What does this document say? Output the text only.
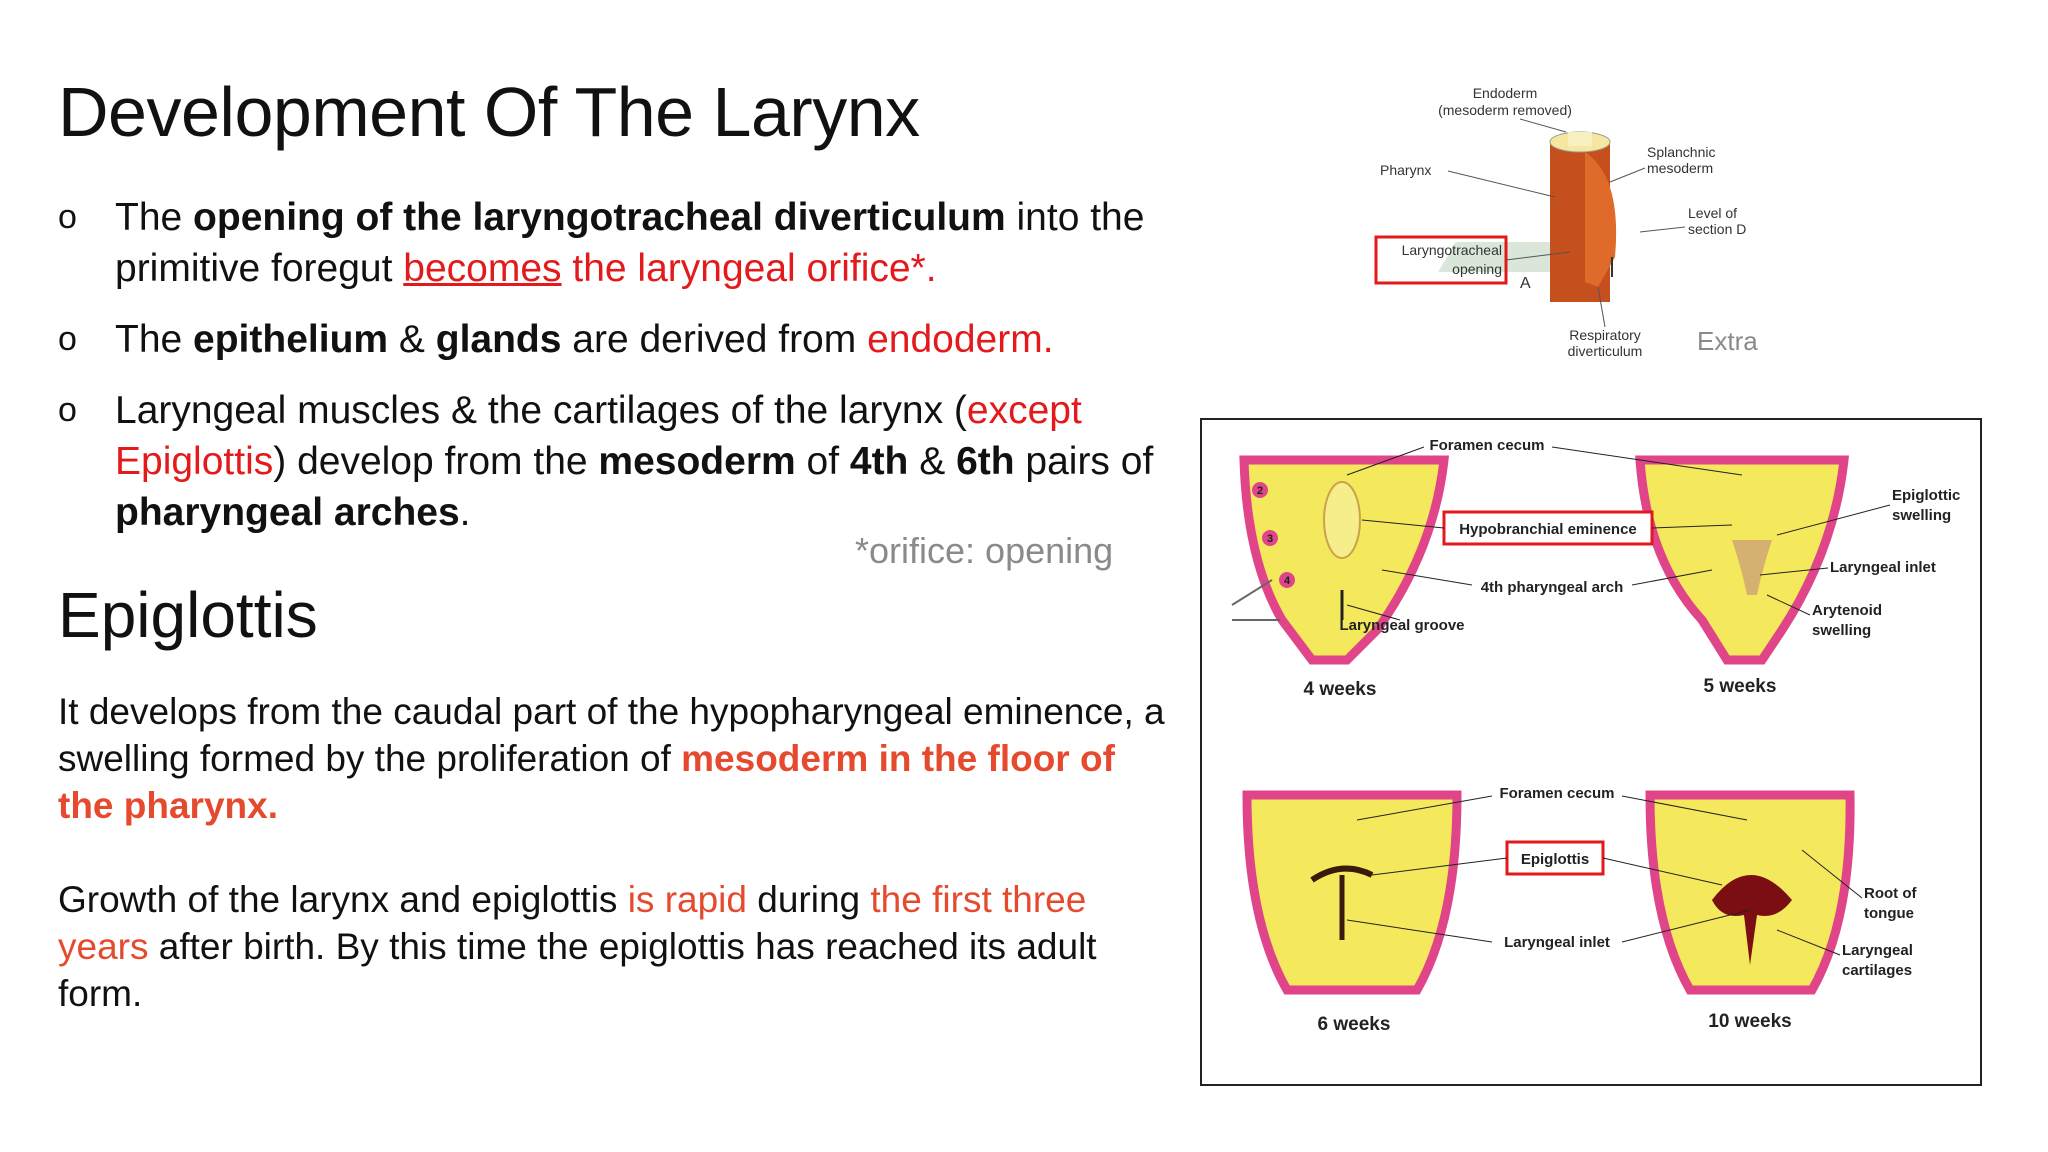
Development Of The Larynx
o The opening of the laryngotracheal diverticulum into the primitive foregut becomes the laryngeal orifice*.
o The epithelium & glands are derived from endoderm.
o Laryngeal muscles & the cartilages of the larynx (except Epiglottis) develop from the mesoderm of 4th & 6th pairs of pharyngeal arches.
*orifice: opening
Epiglottis
It develops from the caudal part of the hypopharyngeal eminence, a swelling formed by the proliferation of mesoderm in the floor of the pharynx.
Growth of the larynx and epiglottis is rapid during the first three years after birth. By this time the epiglottis has reached its adult form.
Endoderm
(mesoderm removed)
Pharynx
Splanchnic
mesoderm
Level of
section D
Laryngotracheal
opening
A
Respiratory
diverticulum Extra
2
3
4
Foramen cecum
Hypobranchial eminence
4th pharyngeal arch
Laryngeal groove
Epiglottic
swelling
Laryngeal inlet
Arytenoid
swelling
4 weeks	5 weeks
Foramen cecum
Epiglottis
Laryngeal inlet
Root of
tongue
Laryngeal
cartilages
6 weeks	10 weeks
